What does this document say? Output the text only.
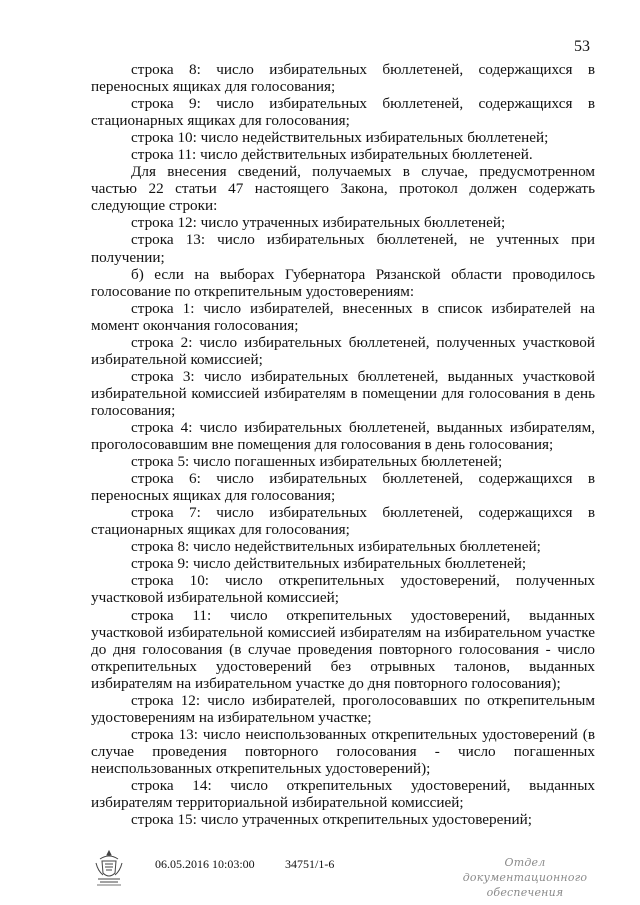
53

строка 8: число избирательных бюллетеней, содержащихся в переносных ящиках для голосования;

строка 9: число избирательных бюллетеней, содержащихся в стационарных ящиках для голосования;

строка 10: число недействительных избирательных бюллетеней;

строка 11: число действительных избирательных бюллетеней.

Для внесения сведений, получаемых в случае, предусмотренном частью 22 статьи 47 настоящего Закона, протокол должен содержать следующие строки:

строка 12: число утраченных избирательных бюллетеней;

строка 13: число избирательных бюллетеней, не учтенных при получении;

б) если на выборах Губернатора Рязанской области проводилось голосование по открепительным удостоверениям:

строка 1: число избирателей, внесенных в список избирателей на момент окончания голосования;

строка 2: число избирательных бюллетеней, полученных участковой избирательной комиссией;

строка 3: число избирательных бюллетеней, выданных участковой избирательной комиссией избирателям в помещении для голосования в день голосования;

строка 4: число избирательных бюллетеней, выданных избирателям, проголосовавшим вне помещения для голосования в день голосования;

строка 5: число погашенных избирательных бюллетеней;

строка 6: число избирательных бюллетеней, содержащихся в переносных ящиках для голосования;

строка 7: число избирательных бюллетеней, содержащихся в стационарных ящиках для голосования;

строка 8: число недействительных избирательных бюллетеней;

строка 9: число действительных избирательных бюллетеней;

строка 10: число открепительных удостоверений, полученных участковой избирательной комиссией;

строка 11: число открепительных удостоверений, выданных участковой избирательной комиссией избирателям на избирательном участке до дня голосования (в случае проведения повторного голосования - число открепительных удостоверений без отрывных талонов, выданных избирателям на избирательном участке до дня повторного голосования);

строка 12: число избирателей, проголосовавших по открепительным удостоверениям на избирательном участке;

строка 13: число неиспользованных открепительных удостоверений (в случае проведения повторного голосования - число погашенных неиспользованных открепительных удостоверений);

строка 14: число открепительных удостоверений, выданных избирателям территориальной избирательной комиссией;

строка 15: число утраченных открепительных удостоверений;

06.05.2016 10:03:00	34751/1-6	Отдел документационного
обеспечения
